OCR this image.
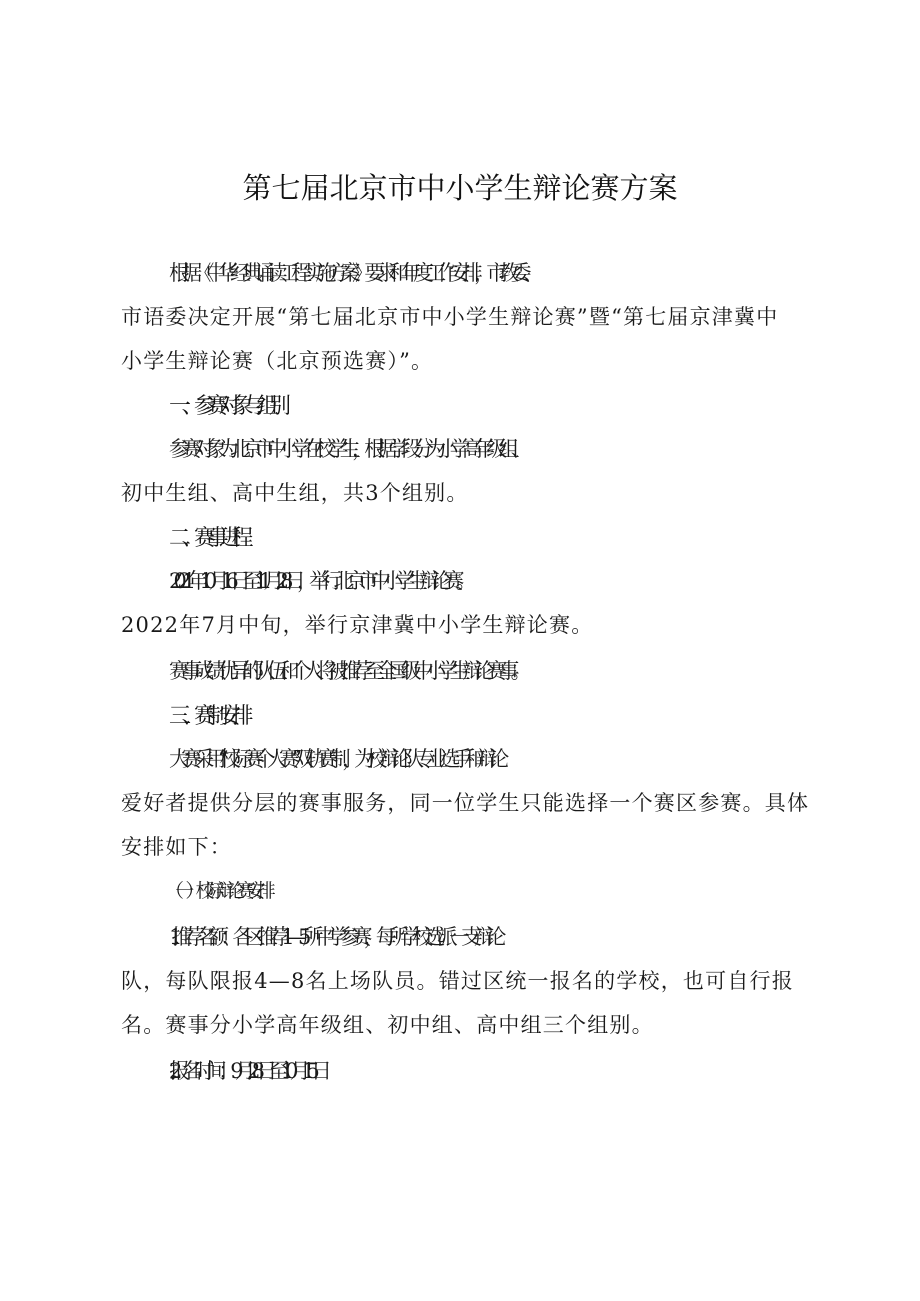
第七届北京市中小学生辩论赛方案
根据《中华经典诵读工程实施方案》要求和年度工作安排，市教委、
市语委决定开展“第七届北京市中小学生辩论赛”暨“第七届京津冀中
小学生辩论赛（北京预选赛）”。
一、参赛对象与组别
参赛对象为北京市中小学在校学生，根据学段分为小学高年级组、
初中生组、高中生组，共3个组别。
二、赛事进程
2021年10月16日至11月28日，举行北京市中小学生辩论赛。
2022年7月中旬，举行京津冀中小学生辩论赛。
赛事成绩优异的队伍和个人将被推荐至全国级中小学生辩论赛事。
三、赛制安排
大赛采用“校际赛-个人赛”双轨赛制，为校辩论队专业选手和辩论
爱好者提供分层的赛事服务，同一位学生只能选择一个赛区参赛。具体
安排如下：
（一）校际辩论赛安排
1.推荐名额：各区推荐1—5所中学参赛，每所学校选派一支辩论
队，每队限报4—8名上场队员。错过区统一报名的学校，也可自行报
名。赛事分小学高年级组、初中组、高中组三个组别。
2 .报名时间：9月28日至10月15日
